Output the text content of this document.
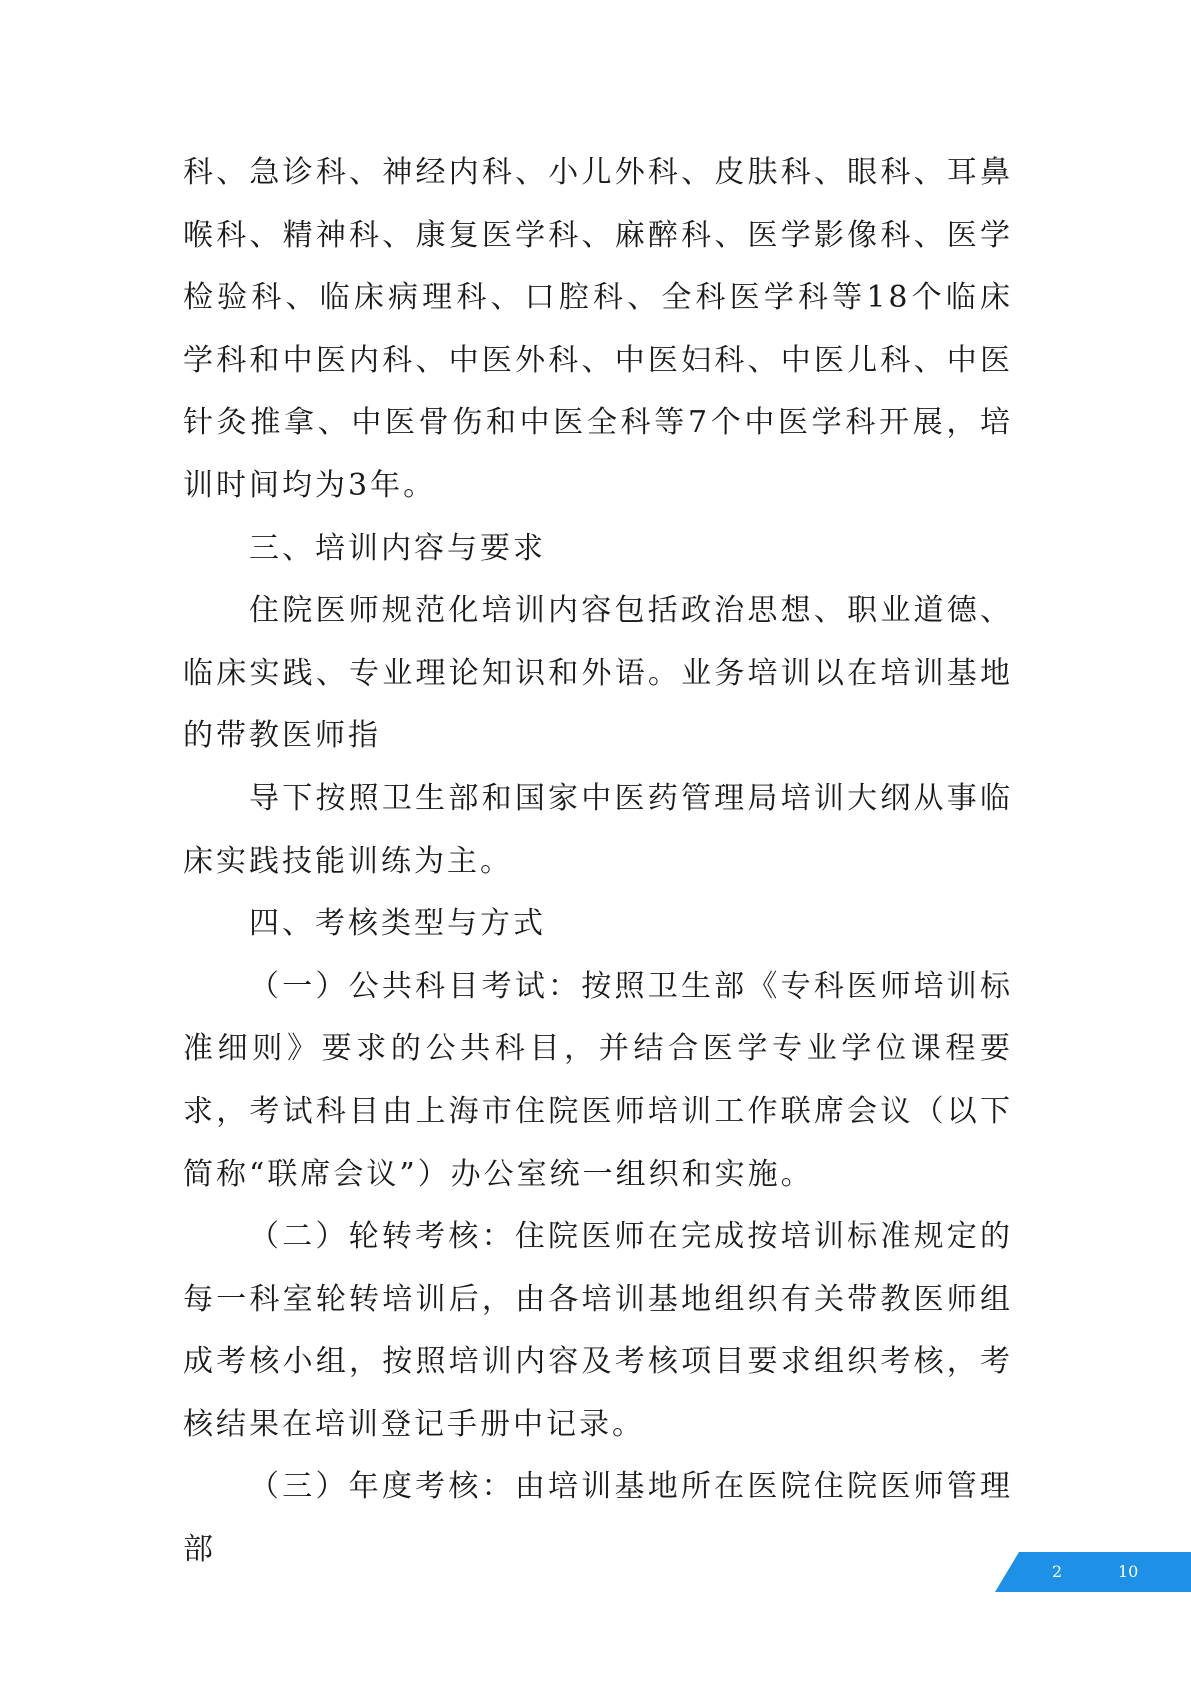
科、急诊科、神经内科、小儿外科、皮肤科、眼科、耳鼻喉科、精神科、康复医学科、麻醉科、医学影像科、医学检验科、临床病理科、口腔科、全科医学科等18个临床学科和中医内科、中医外科、中医妇科、中医儿科、中医针灸推拿、中医骨伤和中医全科等7个中医学科开展，培训时间均为3年。

三、培训内容与要求

住院医师规范化培训内容包括政治思想、职业道德、临床实践、专业理论知识和外语。业务培训以在培训基地的带教医师指

导下按照卫生部和国家中医药管理局培训大纲从事临床实践技能训练为主。

四、考核类型与方式

（一）公共科目考试：按照卫生部《专科医师培训标准细则》要求的公共科目，并结合医学专业学位课程要求，考试科目由上海市住院医师培训工作联席会议（以下简称“联席会议”）办公室统一组织和实施。

（二）轮转考核：住院医师在完成按培训标准规定的每一科室轮转培训后，由各培训基地组织有关带教医师组成考核小组，按照培训内容及考核项目要求组织考核，考核结果在培训登记手册中记录。

（三）年度考核：由培训基地所在医院住院医师管理部

2	10
